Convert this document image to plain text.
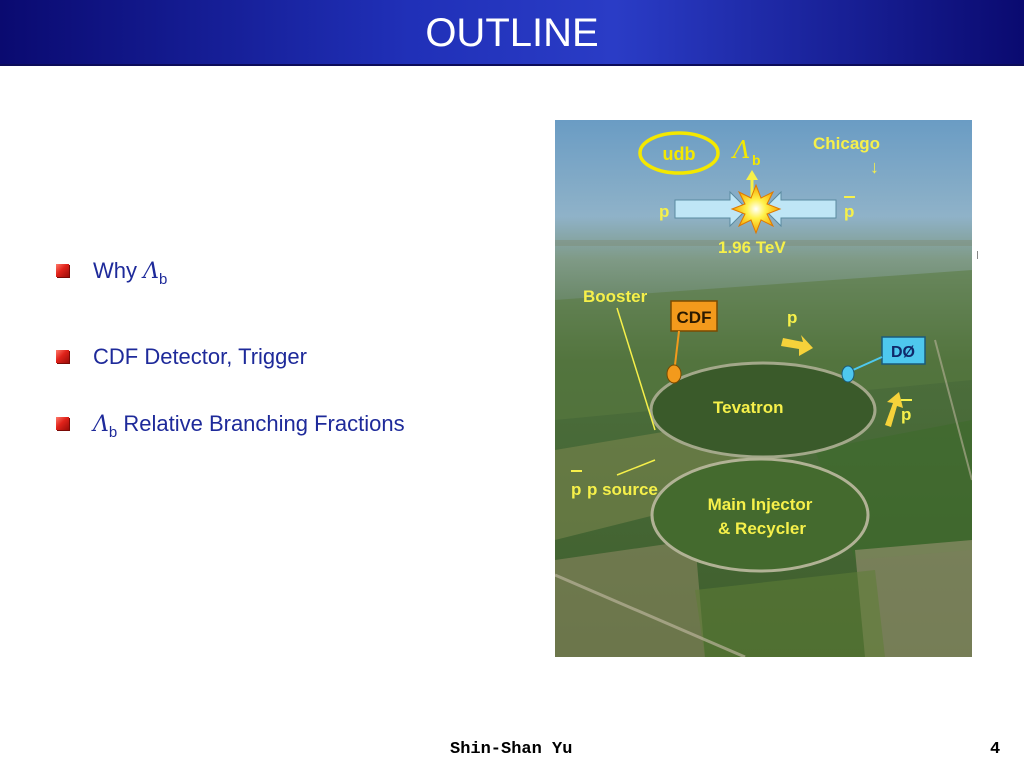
OUTLINE
Why $\Lambda_b$
CDF Detector, Trigger
$\Lambda_b$ Relative Branching Fractions
udb Λ b
Chicago
↓
p	p
1.96 TeV
Booster
CDF	p
DØ
Tevatron	p
p p source
Main Injector
& Recycler
Shin-Shan Yu	4
